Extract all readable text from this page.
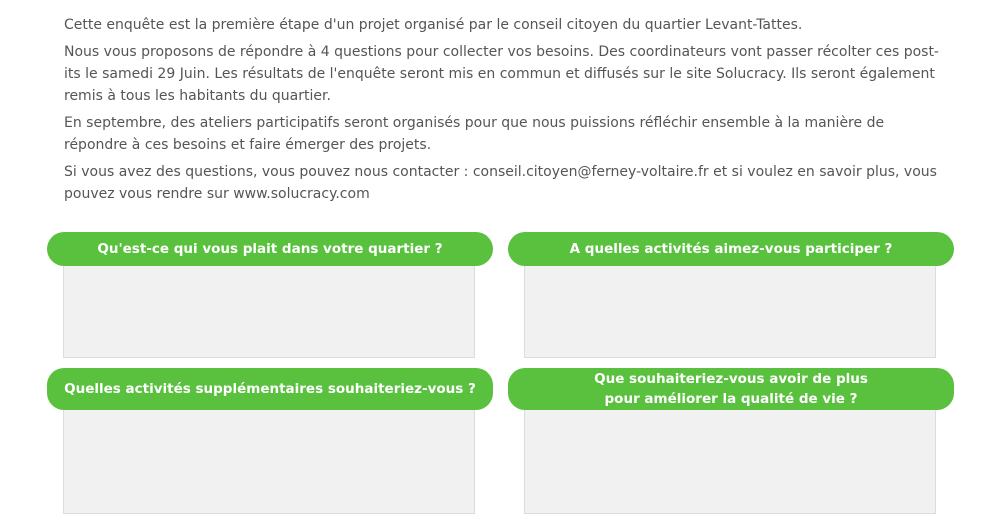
Cette enquête est la première étape d'un projet organisé par le conseil citoyen du quartier Levant-Tattes.

Nous vous proposons de répondre à 4 questions pour collecter vos besoins. Des coordinateurs vont passer récolter ces post-its le samedi 29 Juin. Les résultats de l'enquête seront mis en commun et diffusés sur le site Solucracy. Ils seront également remis à tous les habitants du quartier.

En septembre, des ateliers participatifs seront organisés pour que nous puissions réfléchir ensemble à la manière de répondre à ces besoins et faire émerger des projets.

Si vous avez des questions, vous pouvez nous contacter : conseil.citoyen@ferney-voltaire.fr et si voulez en savoir plus, vous pouvez vous rendre sur www.solucracy.com

Qu'est-ce qui vous plait dans votre quartier ?	A quelles activités aimez-vous participer ?
Quelles activités supplémentaires souhaiteriez-vous ?
Que souhaiteriez-vous avoir de plus
pour améliorer la qualité de vie ?
